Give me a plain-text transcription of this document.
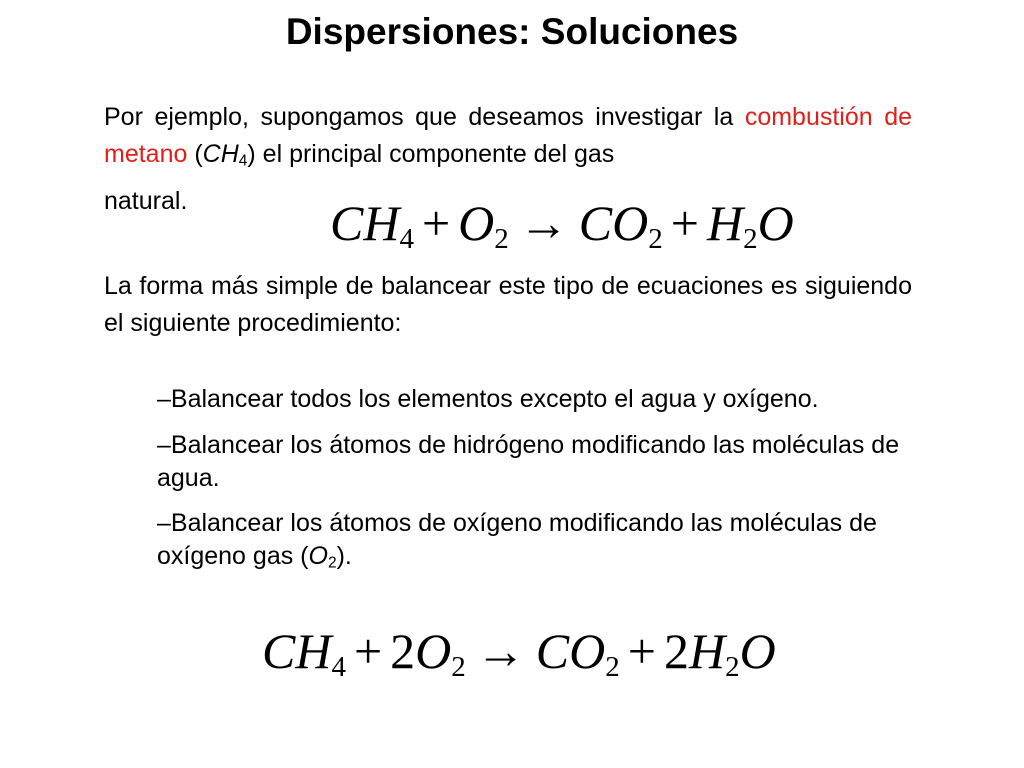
Dispersiones: Soluciones
Por ejemplo, supongamos que deseamos investigar la combustión de metano $(CH_4)$ el principal componente del gas
natural.	$CH_4 + O_2 \to CO_2 + H_2O$
La forma más simple de balancear este tipo de ecuaciones es siguiendo el siguiente procedimiento:
–Balancear todos los elementos excepto el agua y oxígeno.
–Balancear los átomos de hidrógeno modificando las moléculas de agua.
–Balancear los átomos de oxígeno modificando las moléculas de oxígeno gas $(O_2)$.
$CH_4 + 2O_2 \to CO_2 + 2H_2O$
